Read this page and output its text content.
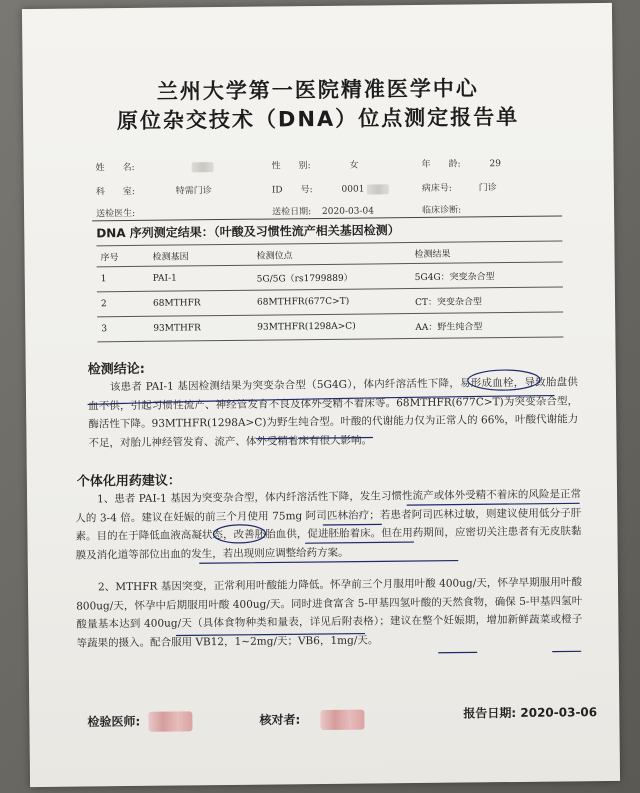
兰州大学第一医院精准医学中心
原位杂交技术（DNA）位点测定报告单
姓　　名:	性　　别:	女	年　　龄:	29
科　　室:	特需门诊	ID　　号:	0001	病床号:	门诊
送检医生:	送检日期: 2020-03-04	临床诊断:
DNA 序列测定结果：（叶酸及习惯性流产相关基因检测）
序号	检测基因	检测位点	检测结果
1	PAI-1	5G/5G（rs1799889）	5G4G：突变杂合型
2	68MTHFR	68MTHFR(677C>T)	CT：突变杂合型
3	93MTHFR	93MTHFR(1298A>C)	AA：野生纯合型
检测结论:
该患者 PAI-1 基因检测结果为突变杂合型（5G4G），体内纤溶活性下降，易形成血栓，导致胎盘供血不供，引起习惯性流产、神经管发育不良及体外受精不着床等。68MTHFR(677C>T)为突变杂合型，酶活性下降。93MTHFR(1298A>C)为野生纯合型。叶酸的代谢能力仅为正常人的 66%，叶酸代谢能力不足，对胎儿神经管发育、流产、体外受精着床有很大影响。
个体化用药建议：
1、患者 PAI-1 基因为突变杂合型，体内纤溶活性下降，发生习惯性流产或体外受精不着床的风险是正常人的 3-4 倍。建议在妊娠的前三个月使用 75mg 阿司匹林治疗；若患者阿司匹林过敏，则建议使用低分子肝素。目的在于降低血液高凝状态，改善胚胎血供，促进胚胎着床。但在用药期间，应密切关注患者有无皮肤黏膜及消化道等部位出血的发生，若出现则应调整给药方案。
2、MTHFR 基因突变，正常利用叶酸能力降低。怀孕前三个月服用叶酸 400ug/天，怀孕早期服用叶酸 800ug/天，怀孕中后期服用叶酸 400ug/天。同时进食富含 5-甲基四氢叶酸的天然食物，确保 5-甲基四氢叶酸量基本达到 400ug/天（具体食物种类和量表，详见后附表格）；建议在整个妊娠期，增加新鲜蔬菜或橙子等蔬果的摄入。配合服用 VB12，1~2mg/天；VB6，1mg/天。
检验医师:	核对者:	报告日期: 2020-03-06
